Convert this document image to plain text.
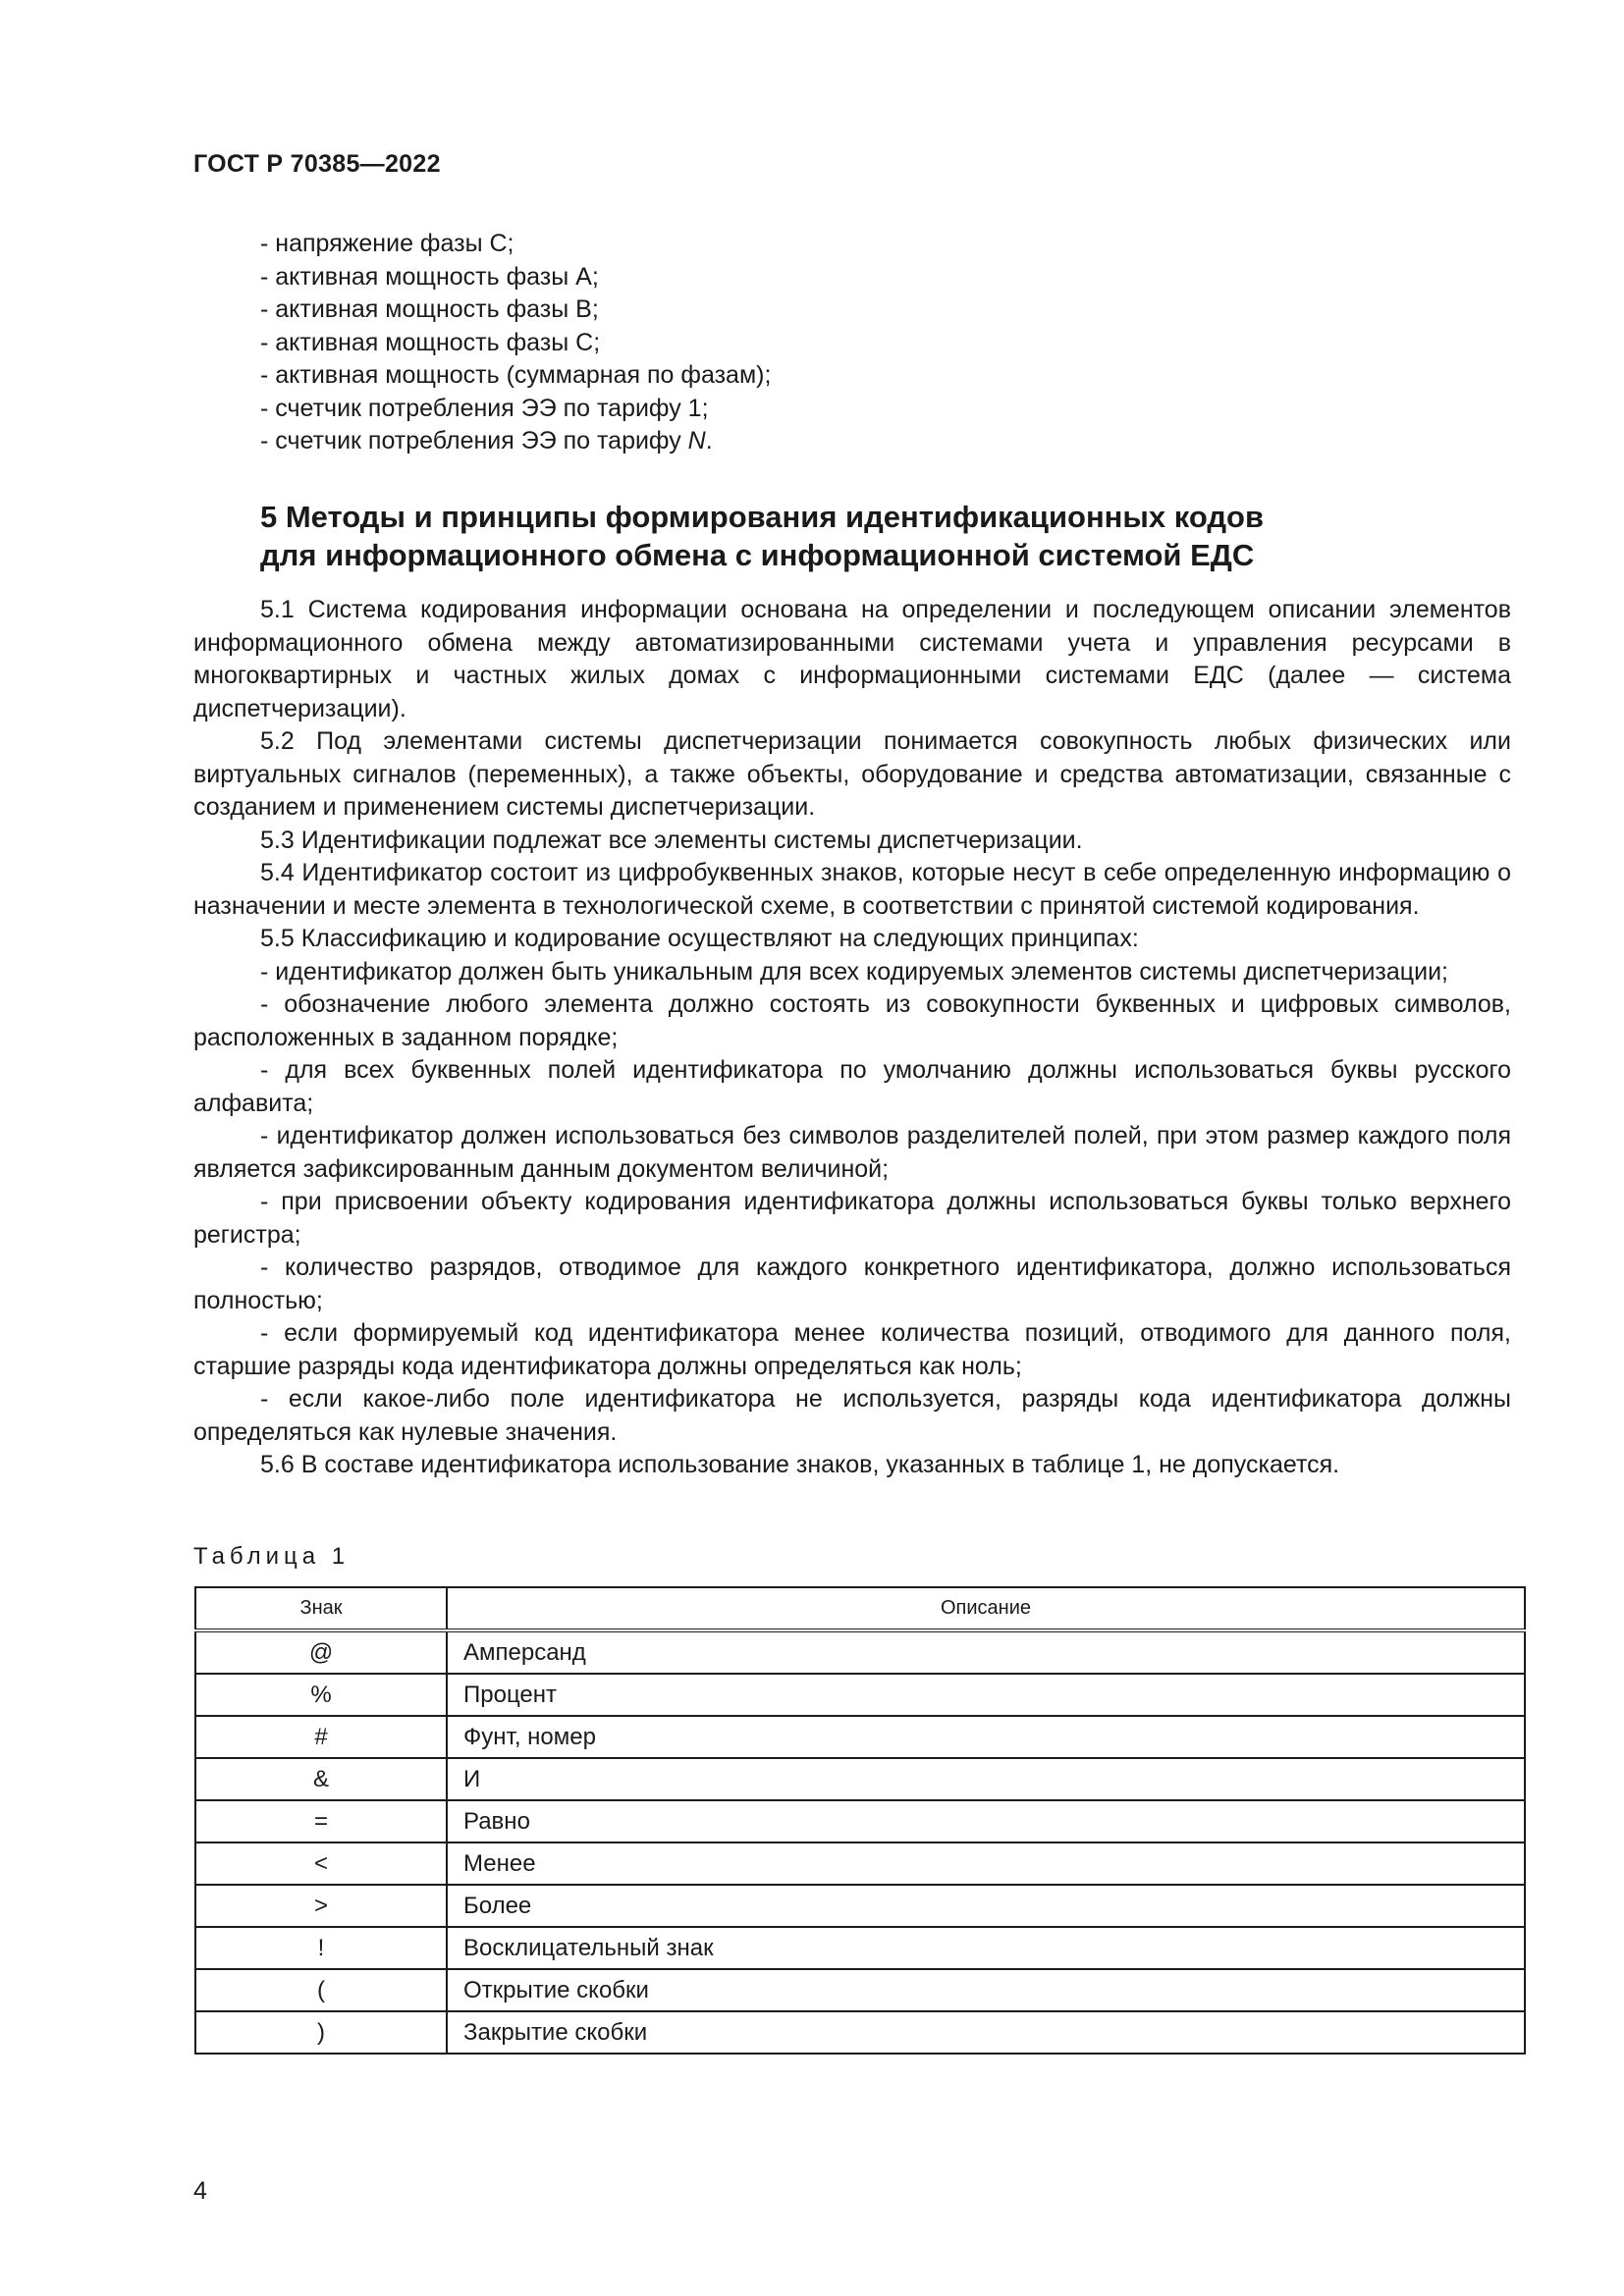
ГОСТ Р 70385—2022
- напряжение фазы С;
- активная мощность фазы А;
- активная мощность фазы В;
- активная мощность фазы С;
- активная мощность (суммарная по фазам);
- счетчик потребления ЭЭ по тарифу 1;
- счетчик потребления ЭЭ по тарифу N.
5 Методы и принципы формирования идентификационных кодов
для информационного обмена с информационной системой ЕДС

5.1 Система кодирования информации основана на определении и последующем описании элементов информационного обмена между автоматизированными системами учета и управления ресурсами в многоквартирных и частных жилых домах с информационными системами ЕДС (далее — система диспетчеризации).

5.2 Под элементами системы диспетчеризации понимается совокупность любых физических или виртуальных сигналов (переменных), а также объекты, оборудование и средства автоматизации, связанные с созданием и применением системы диспетчеризации.

5.3 Идентификации подлежат все элементы системы диспетчеризации.

5.4 Идентификатор состоит из цифробуквенных знаков, которые несут в себе определенную информацию о назначении и месте элемента в технологической схеме, в соответствии с принятой системой кодирования.

5.5 Классификацию и кодирование осуществляют на следующих принципах:

- идентификатор должен быть уникальным для всех кодируемых элементов системы диспетчеризации;

- обозначение любого элемента должно состоять из совокупности буквенных и цифровых символов, расположенных в заданном порядке;

- для всех буквенных полей идентификатора по умолчанию должны использоваться буквы русского алфавита;

- идентификатор должен использоваться без символов разделителей полей, при этом размер каждого поля является зафиксированным данным документом величиной;

- при присвоении объекту кодирования идентификатора должны использоваться буквы только верхнего регистра;

- количество разрядов, отводимое для каждого конкретного идентификатора, должно использоваться полностью;

- если формируемый код идентификатора менее количества позиций, отводимого для данного поля, старшие разряды кода идентификатора должны определяться как ноль;

- если какое-либо поле идентификатора не используется, разряды кода идентификатора должны определяться как нулевые значения.

5.6 В составе идентификатора использование знаков, указанных в таблице 1, не допускается.

Таблица 1
Знак	Описание
@	Амперсанд
%	Процент
#	Фунт, номер
&	И
=	Равно
<	Менее
>	Более
!	Восклицательный знак
(	Открытие скобки
)	Закрытие скобки
4
